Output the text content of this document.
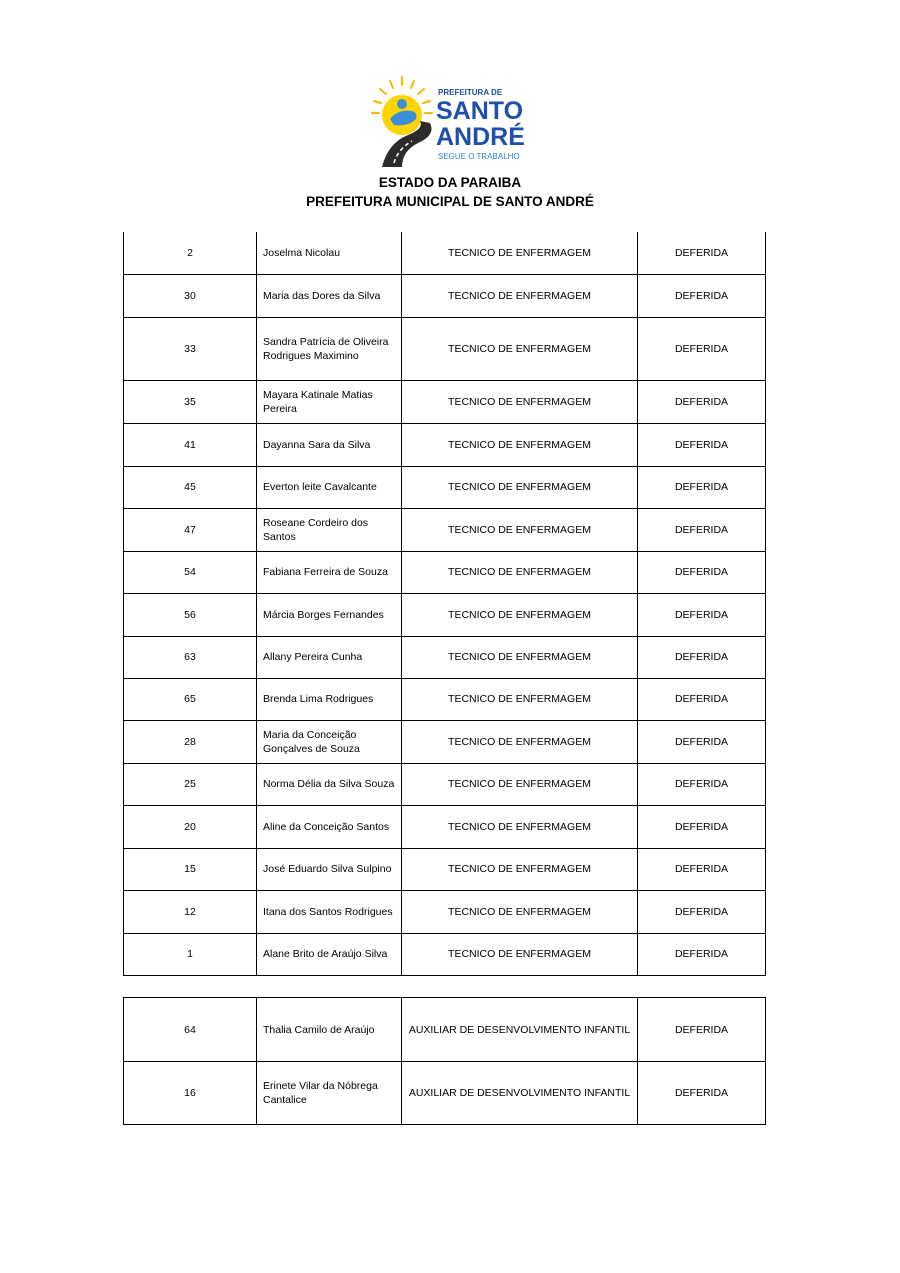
PREFEITURA DE
SANTO
ANDRÉ
SEGUE O TRABALHO
ESTADO DA PARAIBA
PREFEITURA MUNICIPAL DE SANTO ANDRÉ
2	Joselma Nicolau	TECNICO DE ENFERMAGEM	DEFERIDA
30	Maria das Dores da Silva	TECNICO DE ENFERMAGEM	DEFERIDA
33	Sandra Patrícia de Oliveira Rodrigues Maximino	TECNICO DE ENFERMAGEM	DEFERIDA
35	Mayara Katinale Matias Pereira	TECNICO DE ENFERMAGEM	DEFERIDA
41	Dayanna Sara da Silva	TECNICO DE ENFERMAGEM	DEFERIDA
45	Everton leite Cavalcante	TECNICO DE ENFERMAGEM	DEFERIDA
47	Roseane Cordeiro dos Santos	TECNICO DE ENFERMAGEM	DEFERIDA
54	Fabiana Ferreira de Souza	TECNICO DE ENFERMAGEM	DEFERIDA
56	Márcia Borges Fernandes	TECNICO DE ENFERMAGEM	DEFERIDA
63	Allany Pereira Cunha	TECNICO DE ENFERMAGEM	DEFERIDA
65	Brenda Lima Rodrigues	TECNICO DE ENFERMAGEM	DEFERIDA
28	Maria da Conceição Gonçalves de Souza	TECNICO DE ENFERMAGEM	DEFERIDA
25	Norma Délia da Silva Souza	TECNICO DE ENFERMAGEM	DEFERIDA
20	Aline da Conceição Santos	TECNICO DE ENFERMAGEM	DEFERIDA
15	José Eduardo Silva Sulpino	TECNICO DE ENFERMAGEM	DEFERIDA
12	Itana dos Santos Rodrigues	TECNICO DE ENFERMAGEM	DEFERIDA
1	Alane Brito de Araújo Silva	TECNICO DE ENFERMAGEM	DEFERIDA
64	Thalia Camilo de Araújo	AUXILIAR DE DESENVOLVIMENTO INFANTIL	DEFERIDA
16	Erinete Vilar da Nóbrega Cantalice	AUXILIAR DE DESENVOLVIMENTO INFANTIL	DEFERIDA
